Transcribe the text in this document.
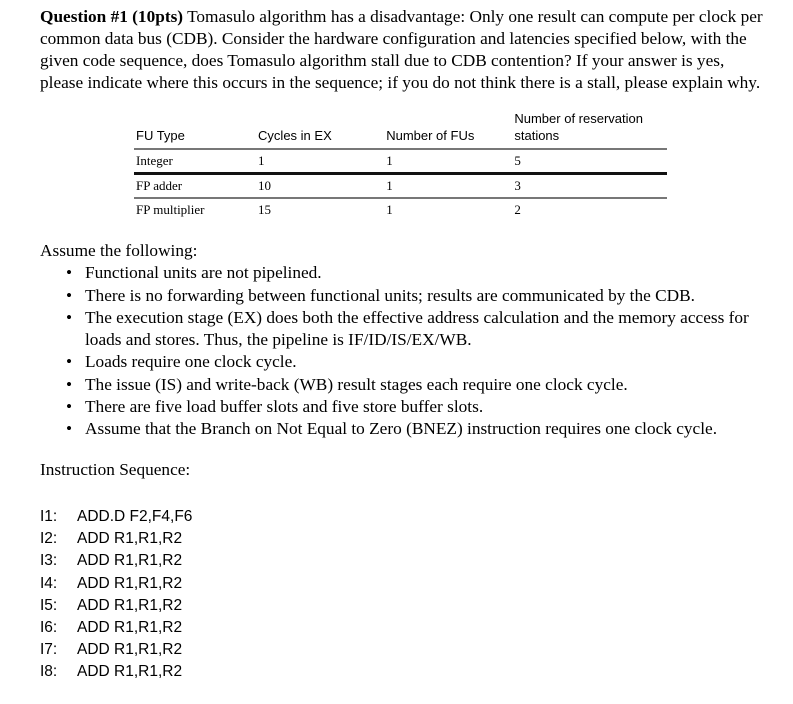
Question #1 (10pts) Tomasulo algorithm has a disadvantage: Only one result can compute per clock per common data bus (CDB). Consider the hardware configuration and latencies specified below, with the given code sequence, does Tomasulo algorithm stall due to CDB contention? If your answer is yes, please indicate where this occurs in the sequence; if you do not think there is a stall, please explain why.
FU Type	Cycles in EX	Number of FUs	Number of reservation stations
Integer	1	1	5
FP adder	10	1	3
FP multiplier	15	1	2
Assume the following:
• Functional units are not pipelined.
• There is no forwarding between functional units; results are communicated by the CDB.
• The execution stage (EX) does both the effective address calculation and the memory access for loads and stores. Thus, the pipeline is IF/ID/IS/EX/WB.
• Loads require one clock cycle.
• The issue (IS) and write-back (WB) result stages each require one clock cycle.
• There are five load buffer slots and five store buffer slots.
• Assume that the Branch on Not Equal to Zero (BNEZ) instruction requires one clock cycle.
Instruction Sequence:
I1: ADD.D F2,F4,F6
I2: ADD R1,R1,R2
I3: ADD R1,R1,R2
I4: ADD R1,R1,R2
I5: ADD R1,R1,R2
I6: ADD R1,R1,R2
I7: ADD R1,R1,R2
I8: ADD R1,R1,R2
